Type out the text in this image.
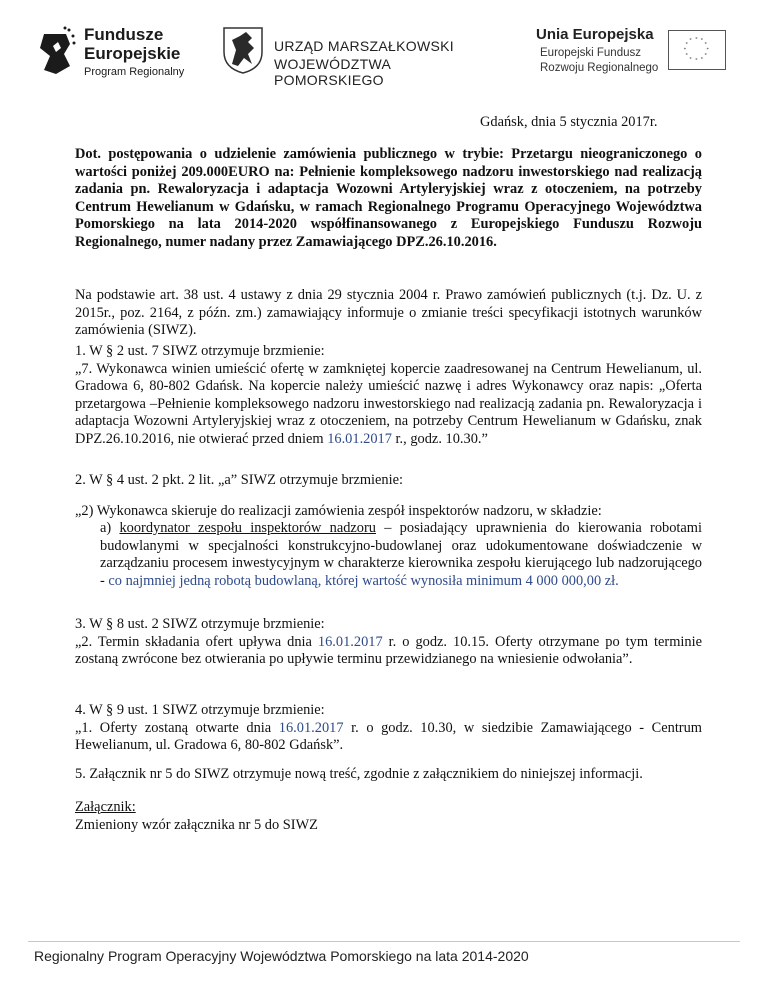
Fundusze
Europejskie
Program Regionalny
URZĄD MARSZAŁKOWSKI
WOJEWÓDZTWA POMORSKIEGO
Unia Europejska
Europejski Fundusz
Rozwoju Regionalnego
* *
*
*
*
*
*
*
*
*
*
*
Gdańsk, dnia 5 stycznia 2017r.
Dot. postępowania o udzielenie zamówienia publicznego w trybie: Przetargu nieograniczonego o wartości poniżej 209.000EURO na: Pełnienie kompleksowego nadzoru inwestorskiego nad realizacją zadania pn. Rewaloryzacja i adaptacja Wozowni Artyleryjskiej wraz z otoczeniem, na potrzeby Centrum Hewelianum w Gdańsku, w ramach Regionalnego Programu Operacyjnego Województwa Pomorskiego na lata 2014-2020 współfinansowanego z Europejskiego Funduszu Rozwoju Regionalnego, numer nadany przez Zamawiającego DPZ.26.10.2016.
Na podstawie art. 38 ust. 4 ustawy z dnia 29 stycznia 2004 r. Prawo zamówień publicznych (t.j. Dz. U. z 2015r., poz. 2164, z późn. zm.) zamawiający informuje o zmianie treści specyfikacji istotnych warunków zamówienia (SIWZ).
1. W § 2 ust. 7 SIWZ otrzymuje brzmienie:
„7. Wykonawca winien umieścić ofertę w zamkniętej kopercie zaadresowanej na Centrum Hewelianum, ul. Gradowa 6, 80-802 Gdańsk. Na kopercie należy umieścić nazwę i adres Wykonawcy oraz napis: „Oferta przetargowa –Pełnienie kompleksowego nadzoru inwestorskiego nad realizacją zadania pn. Rewaloryzacja i adaptacja Wozowni Artyleryjskiej wraz z otoczeniem, na potrzeby Centrum Hewelianum w Gdańsku, znak DPZ.26.10.2016, nie otwierać przed dniem 16.01.2017 r., godz. 10.30.”
2. W § 4 ust. 2 pkt. 2 lit. „a” SIWZ otrzymuje brzmienie:
„2) Wykonawca skieruje do realizacji zamówienia zespół inspektorów nadzoru, w składzie:
a) koordynator zespołu inspektorów nadzoru – posiadający uprawnienia do kierowania robotami budowlanymi w specjalności konstrukcyjno-budowlanej oraz udokumentowane doświadczenie w zarządzaniu procesem inwestycyjnym w charakterze kierownika zespołu kierującego lub nadzorującego - co najmniej jedną robotą budowlaną, której wartość wynosiła minimum 4 000 000,00 zł.
3. W § 8 ust. 2 SIWZ otrzymuje brzmienie:
„2. Termin składania ofert upływa dnia 16.01.2017 r. o godz. 10.15. Oferty otrzymane po tym terminie zostaną zwrócone bez otwierania po upływie terminu przewidzianego na wniesienie odwołania”.
4. W § 9 ust. 1 SIWZ otrzymuje brzmienie:
„1. Oferty zostaną otwarte dnia 16.01.2017 r. o godz. 10.30, w siedzibie Zamawiającego - Centrum Hewelianum, ul. Gradowa 6, 80-802 Gdańsk”.
5. Załącznik nr 5 do SIWZ otrzymuje nową treść, zgodnie z załącznikiem do niniejszej informacji.
Załącznik:
Zmieniony wzór załącznika nr 5 do SIWZ
Regionalny Program Operacyjny Województwa Pomorskiego na lata 2014-2020
